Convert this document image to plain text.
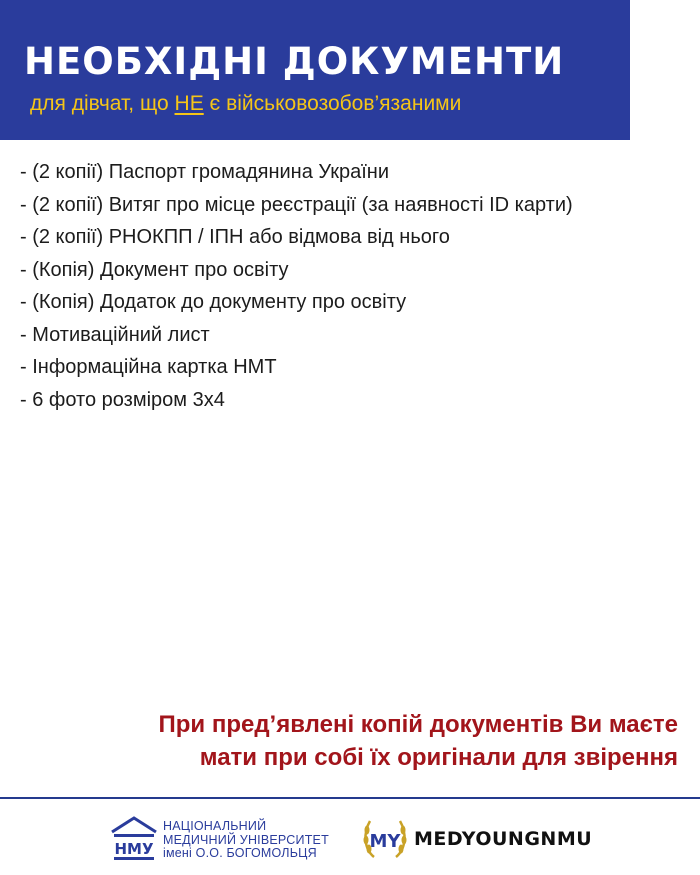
НЕОБХІДНІ ДОКУМЕНТИ
для дівчат, що НЕ є військовозобов’язаними
- (2 копії) Паспорт громадянина України
- (2 копії) Витяг про місце реєстрації (за наявності ID карти)
- (2 копії) РНОКПП / ІПН або відмова від нього
- (Копія) Документ про освіту
- (Копія) Додаток до документу про освіту
- Мотиваційний лист
- Інформаційна картка НМТ
- 6 фото розміром 3х4
При пред’явлені копій документів Ви маєте
мати при собі їх оригінали для звірення
НМУ
НАЦІОНАЛЬНИЙ
МЕДИЧНИЙ УНІВЕРСИТЕТ
імені О.О. БОГОМОЛЬЦЯ
MY MEDYOUNGNMU
